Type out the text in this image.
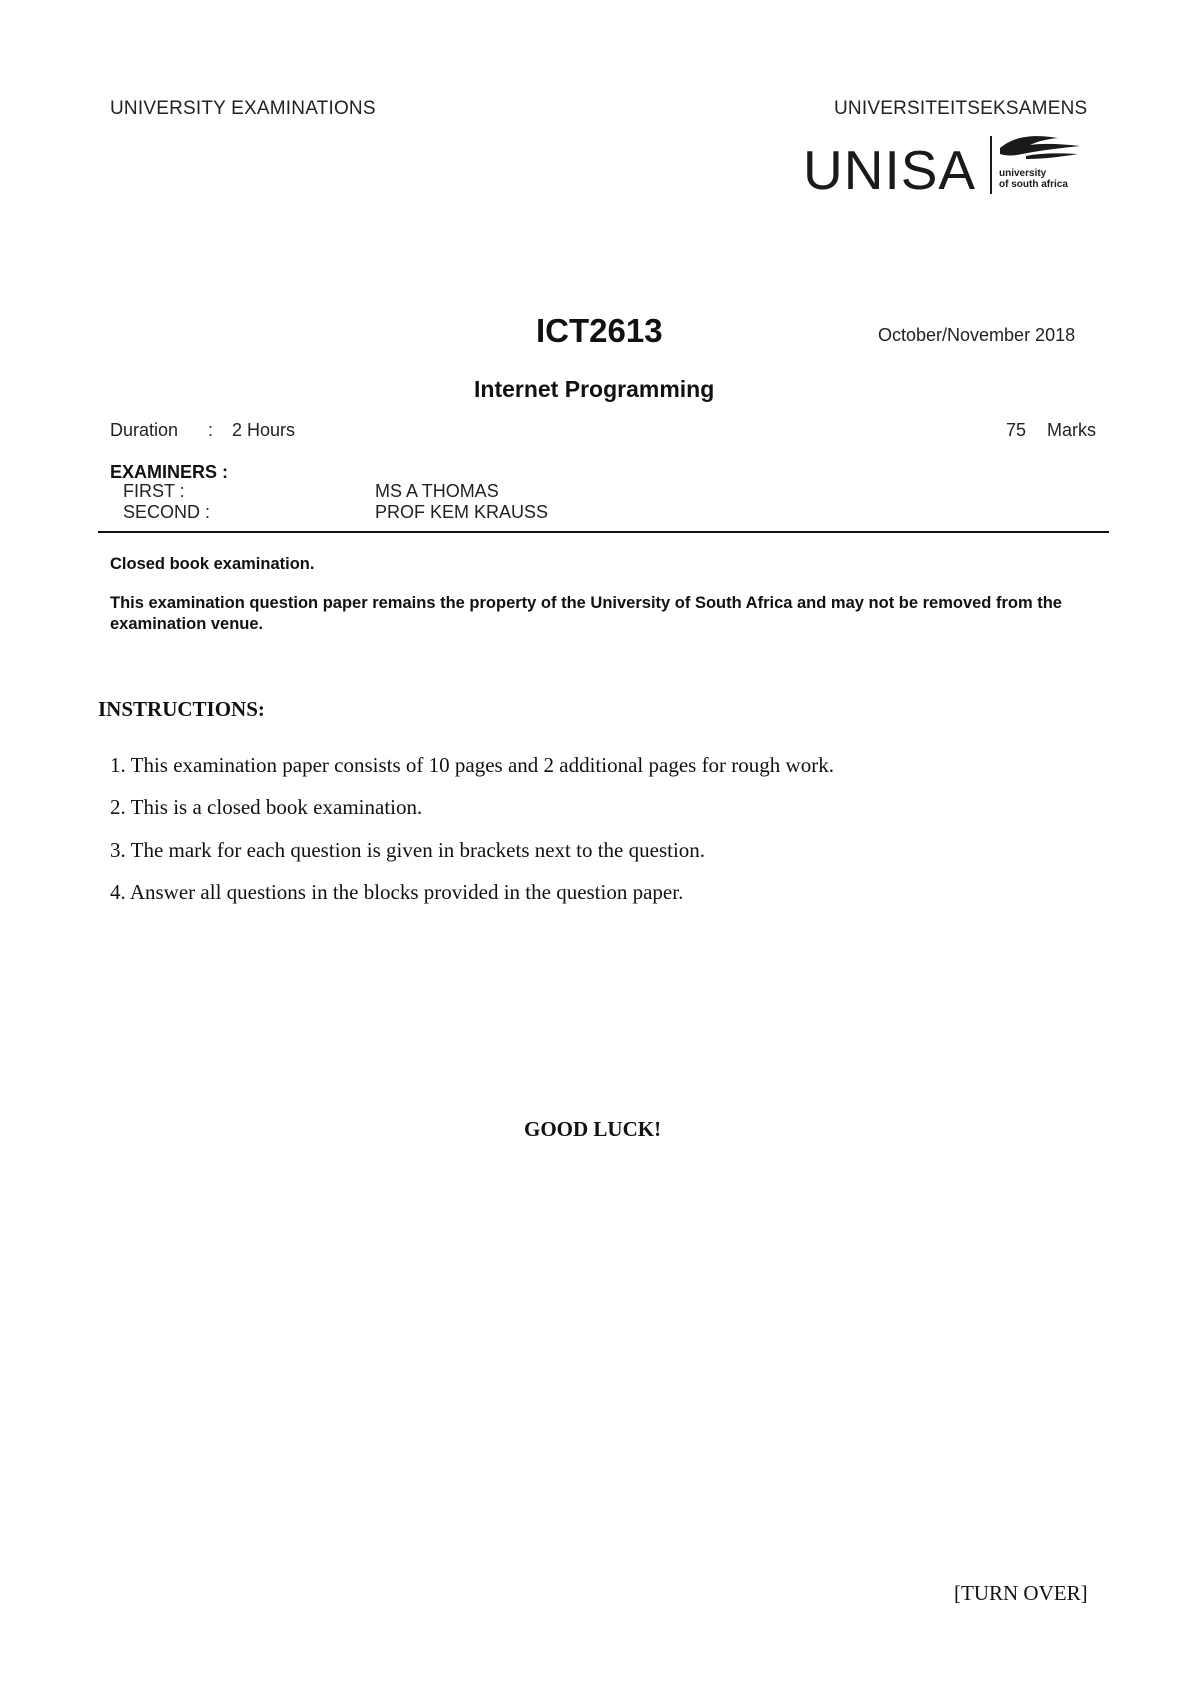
UNIVERSITY EXAMINATIONS	UNIVERSITEITSEKSAMENS
UNISA university
of south africa
ICT2613	October/November 2018
Internet Programming
Duration : 2 Hours	75 Marks
EXAMINERS :
FIRST :	MS A THOMAS
SECOND :	PROF KEM KRAUSS
Closed book examination.
This examination question paper remains the property of the University of South Africa and may not be removed from the examination venue.
INSTRUCTIONS:
1. This examination paper consists of 10 pages and 2 additional pages for rough work.
2. This is a closed book examination.
3. The mark for each question is given in brackets next to the question.
4. Answer all questions in the blocks provided in the question paper.
GOOD LUCK!
[TURN OVER]
